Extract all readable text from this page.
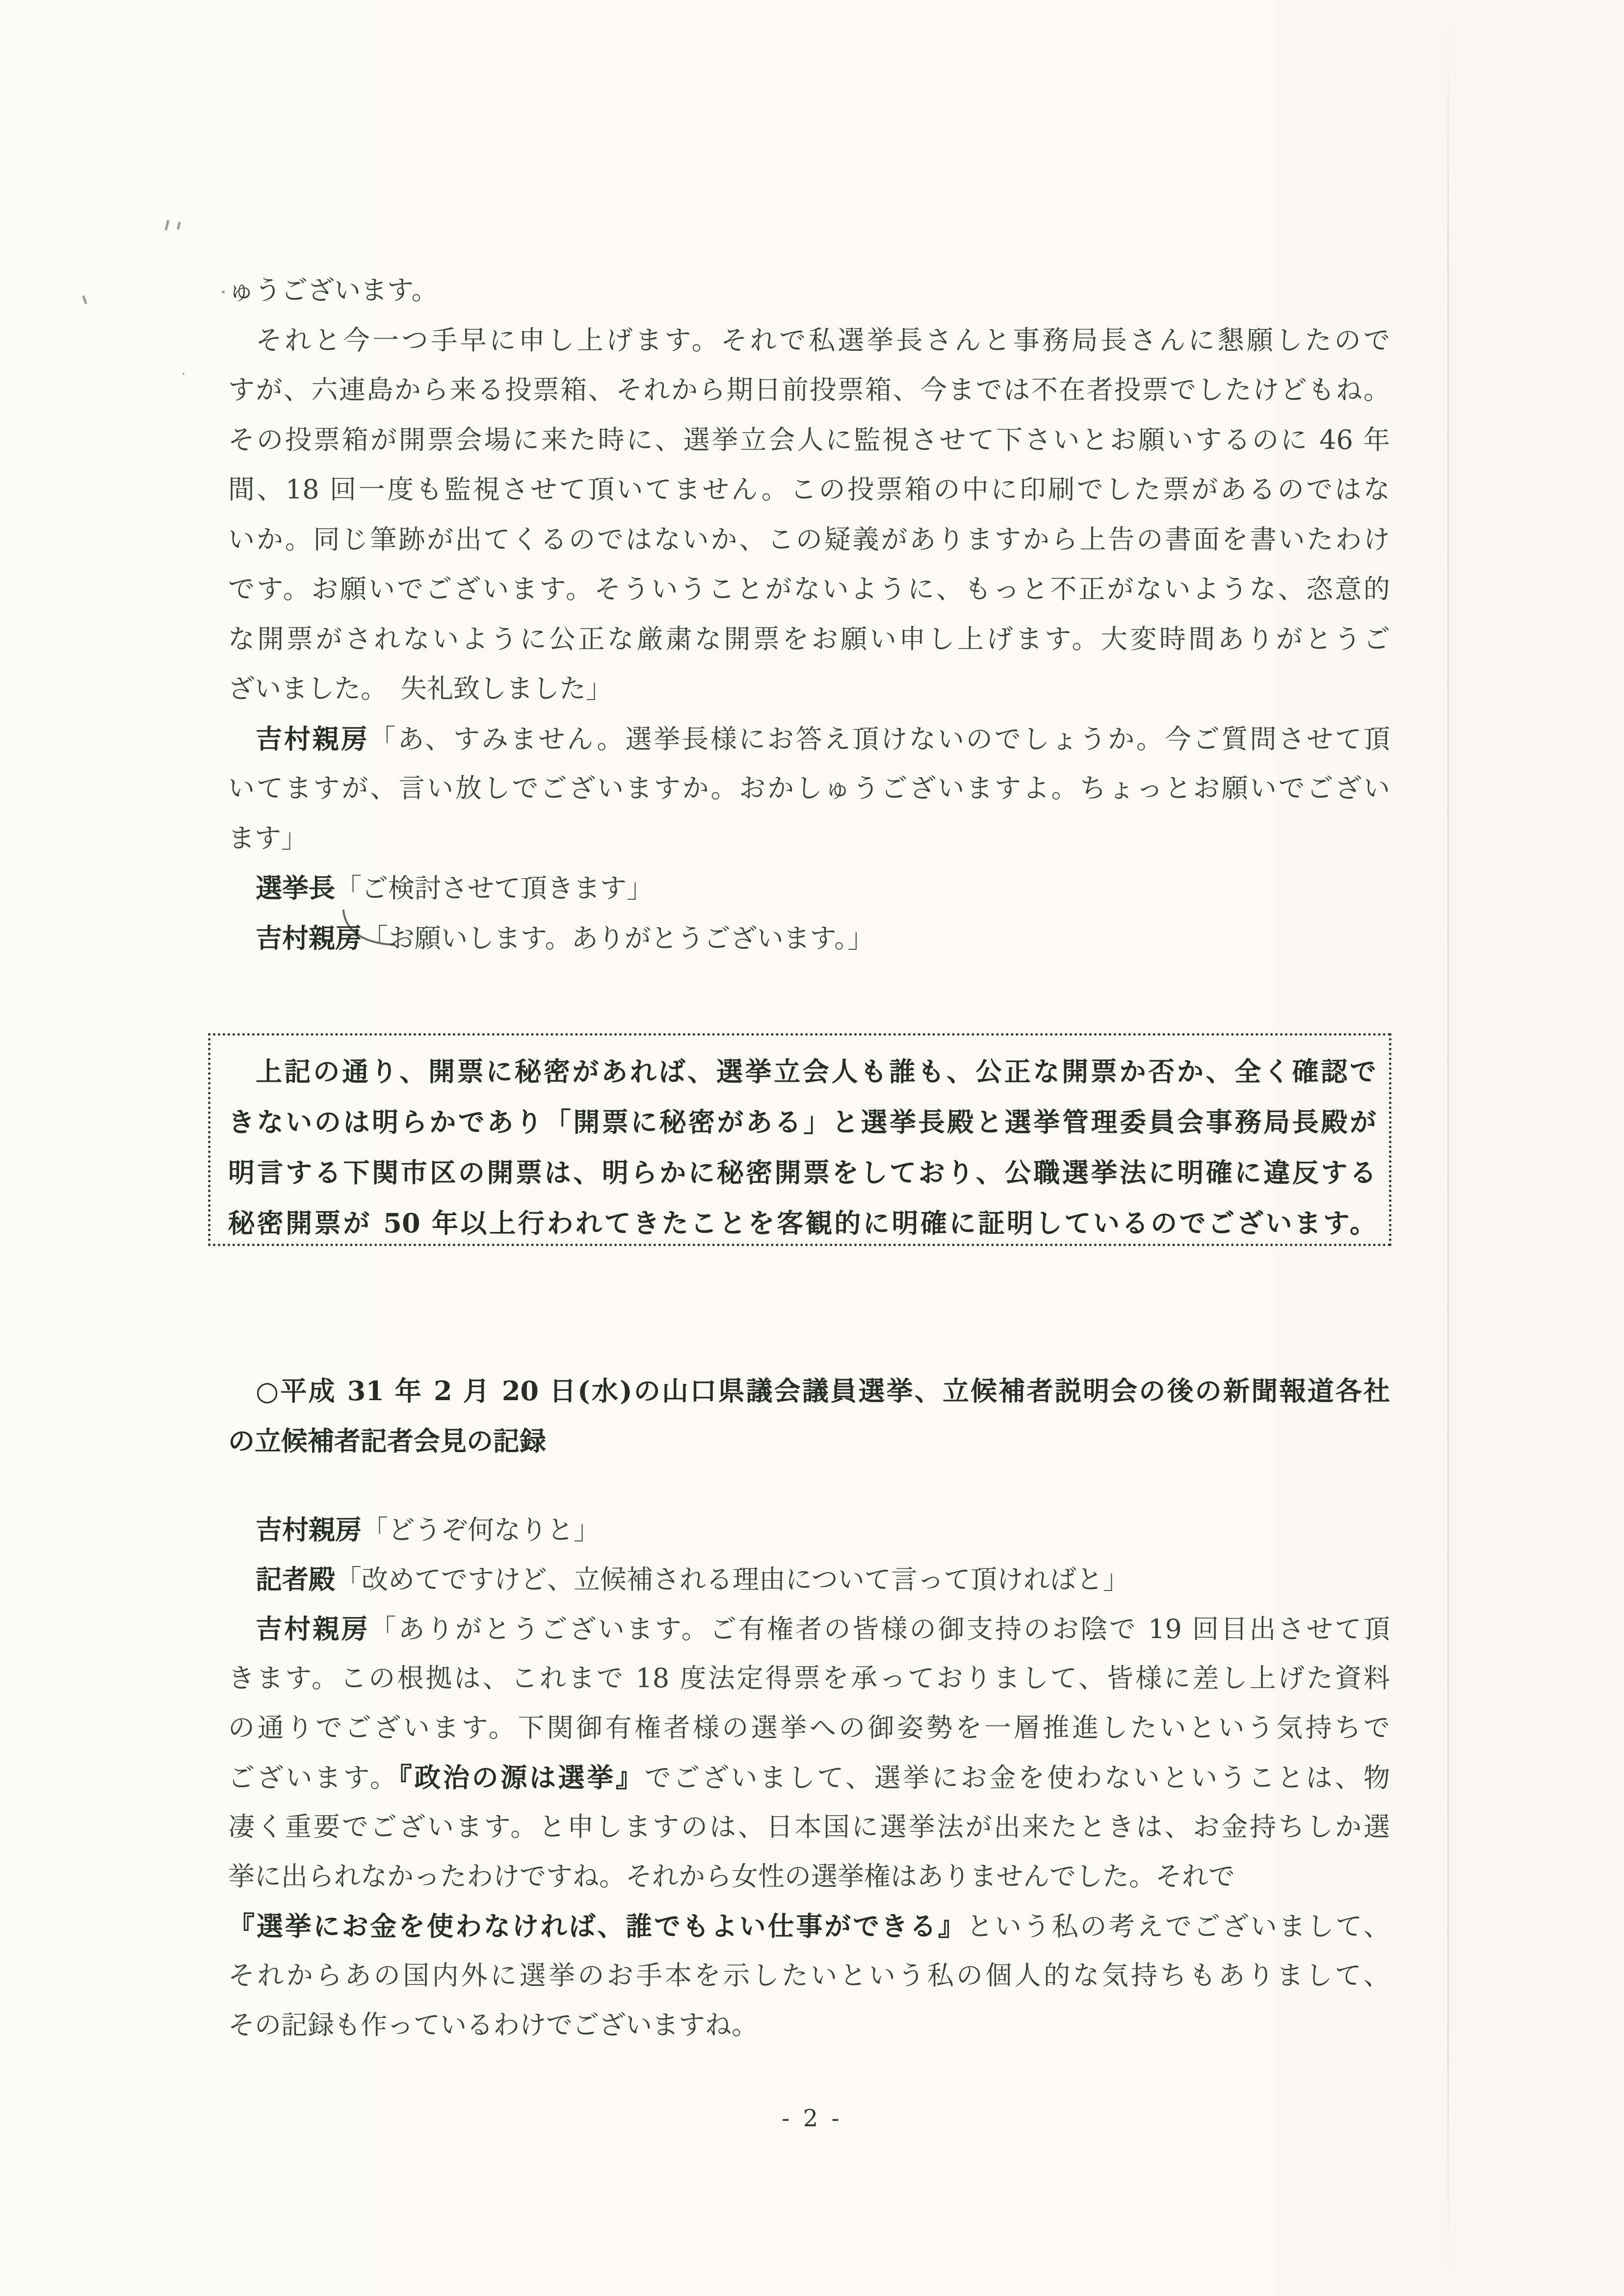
ゅうございます。
それと今一つ手早に申し上げます。それで私選挙長さんと事務局長さんに懇願したので
すが、六連島から来る投票箱、それから期日前投票箱、今までは不在者投票でしたけどもね。
その投票箱が開票会場に来た時に、選挙立会人に監視させて下さいとお願いするのに 46 年
間、18 回一度も監視させて頂いてません。この投票箱の中に印刷でした票があるのではな
いか。同じ筆跡が出てくるのではないか、この疑義がありますから上告の書面を書いたわけ
です。お願いでございます。そういうことがないように、もっと不正がないような、恣意的
な開票がされないように公正な厳粛な開票をお願い申し上げます。大変時間ありがとうご
ざいました。　失礼致しました」
吉村親房「あ、すみません。選挙長様にお答え頂けないのでしょうか。今ご質問させて頂
いてますが、言い放しでございますか。おかしゅうございますよ。ちょっとお願いでござい
ます」
選挙長「ご検討させて頂きます」
吉村親房「お願いします。ありがとうございます。」
上記の通り、開票に秘密があれば、選挙立会人も誰も、公正な開票か否か、全く確認で
きないのは明らかであり「開票に秘密がある」と選挙長殿と選挙管理委員会事務局長殿が
明言する下関市区の開票は、明らかに秘密開票をしており、公職選挙法に明確に違反する
秘密開票が 50 年以上行われてきたことを客観的に明確に証明しているのでございます。
○平成 31 年 2 月 20 日(水)の山口県議会議員選挙、立候補者説明会の後の新聞報道各社
の立候補者記者会見の記録
吉村親房「どうぞ何なりと」
記者殿「改めてですけど、立候補される理由について言って頂ければと」
吉村親房「ありがとうございます。ご有権者の皆様の御支持のお陰で 19 回目出させて頂
きます。この根拠は、これまで 18 度法定得票を承っておりまして、皆様に差し上げた資料
の通りでございます。下関御有権者様の選挙への御姿勢を一層推進したいという気持ちで
ございます。『政治の源は選挙』でございまして、選挙にお金を使わないということは、物
凄く重要でございます。と申しますのは、日本国に選挙法が出来たときは、お金持ちしか選
挙に出られなかったわけですね。それから女性の選挙権はありませんでした。それで
『選挙にお金を使わなければ、誰でもよい仕事ができる』という私の考えでございまして、
それからあの国内外に選挙のお手本を示したいという私の個人的な気持ちもありまして、
その記録も作っているわけでございますね。
- 2 -
